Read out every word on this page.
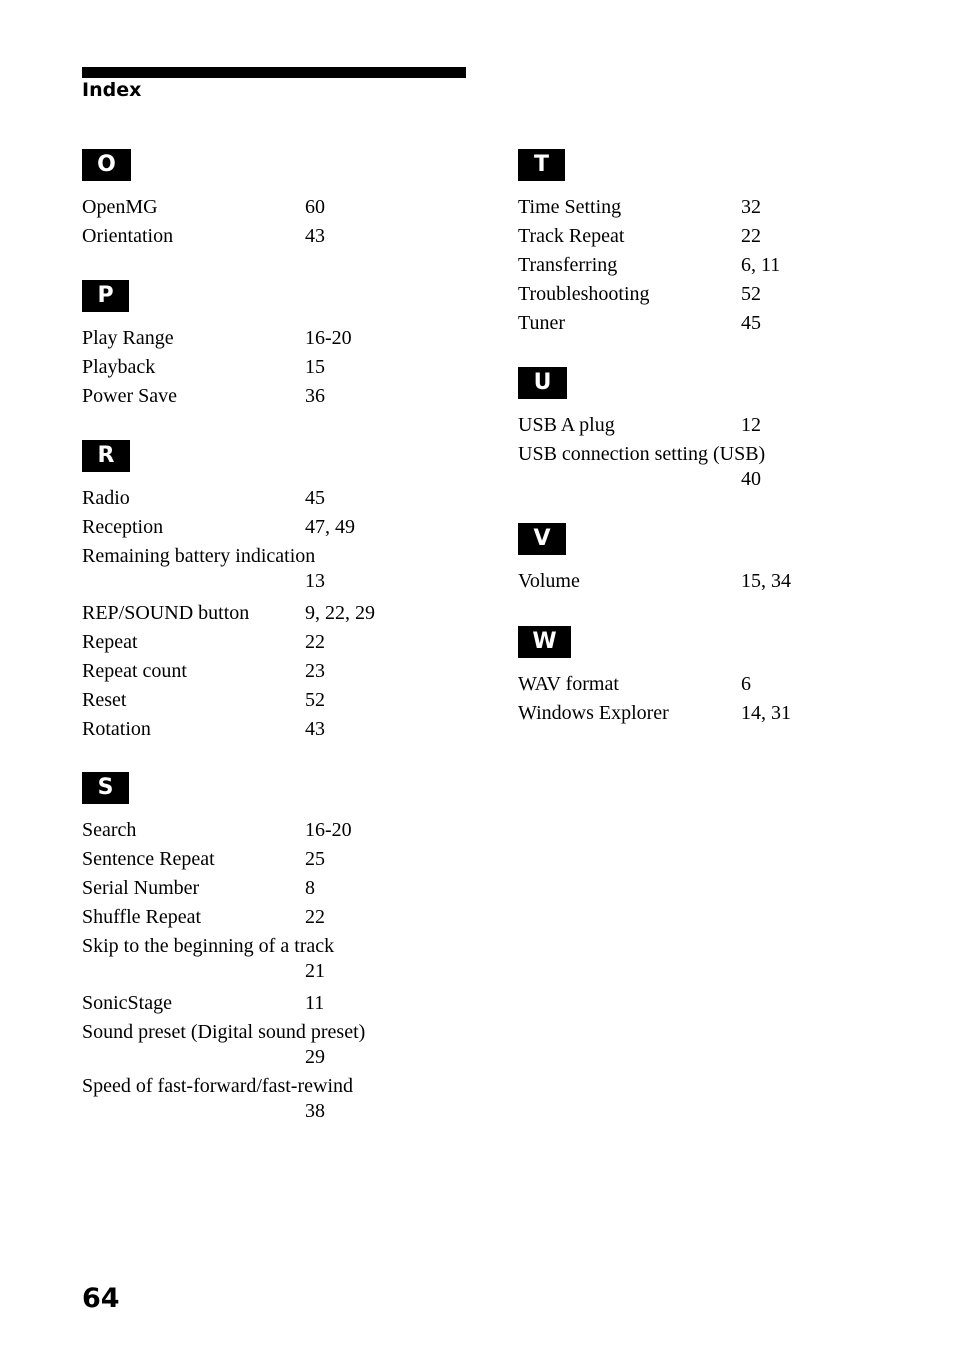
Index
O
OpenMG	60
Orientation	43
P
Play Range	16-20
Playback	15
Power Save	36
R
Radio	45
Reception	47, 49
Remaining battery indication
13
REP/SOUND button	9, 22, 29
Repeat	22
Repeat count	23
Reset	52
Rotation	43
S
Search	16-20
Sentence Repeat	25
Serial Number	8
Shuffle Repeat	22
Skip to the beginning of a track
21
SonicStage	11
Sound preset (Digital sound preset)
29
Speed of fast-forward/fast-rewind
38
T
Time Setting	32
Track Repeat	22
Transferring	6, 11
Troubleshooting	52
Tuner	45
U
USB A plug	12
USB connection setting (USB)
40
V
Volume	15, 34
W
WAV format	6
Windows Explorer	14, 31
64
